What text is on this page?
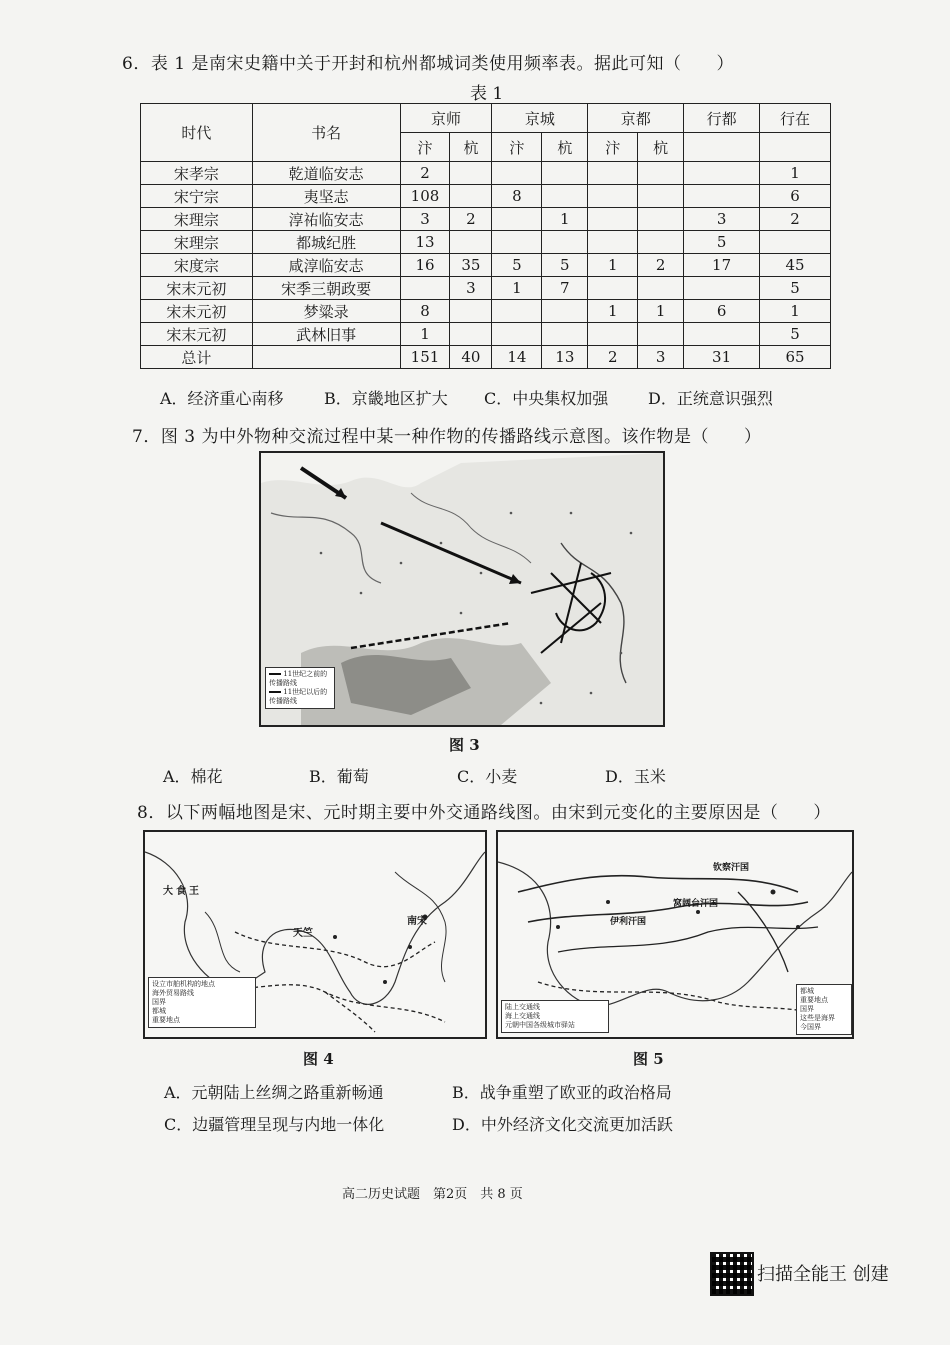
6．表 1 是南宋史籍中关于开封和杭州都城词类使用频率表。据此可知（　　）
表 1
时代	书名	京师		京城		京都		行都	行在
		汴	杭	汴	杭	汴	杭		
宋孝宗	乾道临安志	2							1
宋宁宗	夷坚志	108		8					6
宋理宗	淳祐临安志	3	2		1			3	2
宋理宗	都城纪胜	13						5	
宋度宗	咸淳临安志	16	35	5	5	1	2	17	45
宋末元初	宋季三朝政要		3	1	7				5
宋末元初	梦粱录	8				1	1	6	1
宋末元初	武林旧事	1							5
总计		151	40	14	13	2	3	31	65
A．经济重心南移	B．京畿地区扩大 C．中央集权加强 D．正统意识强烈
7．图 3 为中外物种交流过程中某一种作物的传播路线示意图。该作物是（　　）
11世纪之前的传播路线
11世纪以后的传播路线
图 3
A．棉花	B．葡萄	C．小麦	D．玉米
8．以下两幅地图是宋、元时期主要中外交通路线图。由宋到元变化的主要原因是（　　）
大食王
天竺
南宋
设立市舶机构的地点
海外贸易路线
国界
都城
重要地点
钦察汗国
伊利汗国
窝阔台汗国
陆上交通线
海上交通线
元朝中国各级城市驿站
都城
重要地点
国界
这些是海界
今国界
图 4	图 5
A．元朝陆上丝绸之路重新畅通	B．战争重塑了欧亚的政治格局
C．边疆管理呈现与内地一体化	D．中外经济文化交流更加活跃
高二历史试题　第2页　共 8 页
扫描全能王 创建
